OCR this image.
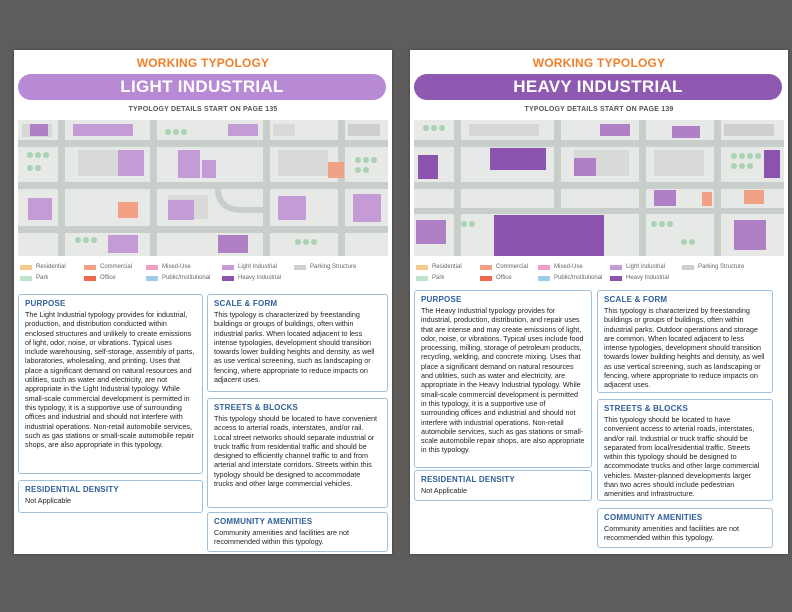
WORKING TYPOLOGY
LIGHT INDUSTRIAL
TYPOLOGY DETAILS START ON PAGE 135
Residential	Commercial	Mixed-Use	Light Industrial	Parking Structure
Park	Office	Public/Institutional	Heavy Industrial
PURPOSE
The Light Industrial typology provides for industrial, production, and distribution conducted within enclosed structures and unlikely to create emissions of light, odor, noise, or vibrations. Typical uses include warehousing, self-storage, assembly of parts, laboratories, wholesaling, and printing. Uses that place a significant demand on natural resources and utilities, such as water and electricity, are not appropriate in the Light Industrial typology. While small-scale commercial development is permitted in this typology, it is a supportive use of surrounding offices and industrial and should not interfere with industrial operations. Non-retail automobile services, such as gas stations or small-scale automobile repair shops, are also appropriate in this typology.
RESIDENTIAL DENSITY
Not Applicable
SCALE & FORM
This typology is characterized by freestanding buildings or groups of buildings, often within industrial parks. When located adjacent to less intense typologies, development should transition towards lower building heights and density, as well as use vertical screening, such as landscaping or fencing, where appropriate to reduce impacts on adjacent uses.
STREETS & BLOCKS
This typology should be located to have convenient access to arterial roads, interstates, and/or rail. Local street networks should separate industrial or truck traffic from residential traffic and should be designed to efficiently channel traffic to and from arterial and interstate corridors. Streets within this typology should be designed to accommodate trucks and other large commercial vehicles.
COMMUNITY AMENITIES
Community amenities and facilities are not recommended within this typology.
WORKING TYPOLOGY
HEAVY INDUSTRIAL
TYPOLOGY DETAILS START ON PAGE 139
Residential	Commercial	Mixed-Use	Light Industrial	Parking Structure
Park	Office	Public/Institutional	Heavy Industrial
PURPOSE
The Heavy Industrial typology provides for industrial, production, distribution, and repair uses that are intense and may create emissions of light, odor, noise, or vibrations. Typical uses include food processing, milling, storage of petroleum products, recycling, welding, and concrete mixing. Uses that place a significant demand on natural resources and utilities, such as water and electricity, are appropriate in the Heavy Industrial typology. While small-scale commercial development is permitted in this typology, it is a supportive use of surrounding offices and industrial and should not interfere with industrial operations. Non-retail automobile services, such as gas stations or small-scale automobile repair shops, are also appropriate in this typology.
RESIDENTIAL DENSITY
Not Applicable
SCALE & FORM
This typology is characterized by freestanding buildings or groups of buildings, often within industrial parks. Outdoor operations and storage are common. When located adjacent to less intense typologies, development should transition towards lower building heights and density, as well as use vertical screening, such as landscaping or fencing, where appropriate to reduce impacts on adjacent uses.
STREETS & BLOCKS
This typology should be located to have convenient access to arterial roads, interstates, and/or rail. Industrial or truck traffic should be separated from local/residential traffic. Streets within this typology should be designed to accommodate trucks and other large commercial vehicles. Master-planned developments larger than two acres should include pedestrian amenities and infrastructure.
COMMUNITY AMENITIES
Community amenities and facilities are not recommended within this typology.
